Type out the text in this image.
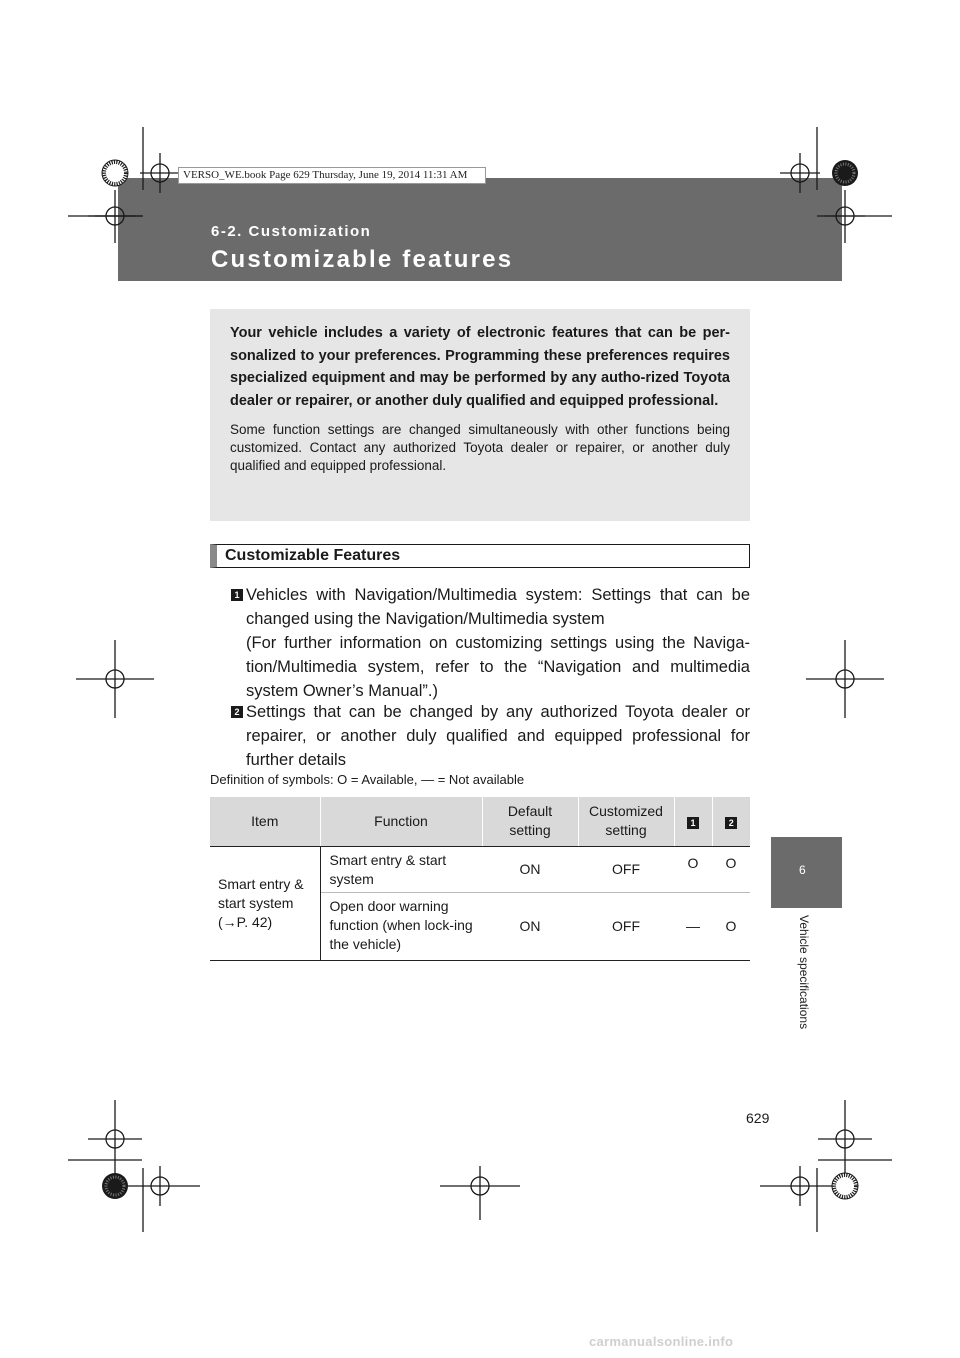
VERSO_WE.book Page 629 Thursday, June 19, 2014 11:31 AM
6-2. Customization
Customizable features
6
Vehicle specifications

Your vehicle includes a variety of electronic features that can be per-sonalized to your preferences. Programming these preferences requires specialized equipment and may be performed by any autho-rized Toyota dealer or repairer, or another duly qualified and equipped professional.

Some function settings are changed simultaneously with other functions being customized. Contact any authorized Toyota dealer or repairer, or another duly qualified and equipped professional.

Customizable Features
1 Vehicles with Navigation/Multimedia system: Settings that can be changed using the Navigation/Multimedia system

(For further information on customizing settings using the Naviga-tion/Multimedia system, refer to the “Navigation and multimedia system Owner’s Manual”.)

2 Settings that can be changed by any authorized Toyota dealer or repairer, or another duly qualified and equipped professional for further details

Definition of symbols: O = Available, — = Not available
Item	Function	Default setting	Customized setting	1	2
Smart entry & start system (→P. 42)	Smart entry & start system	ON	OFF	O	O
	Open door warning function (when lock-ing the vehicle)	ON	OFF	—	O
629
carmanualsonline.info
